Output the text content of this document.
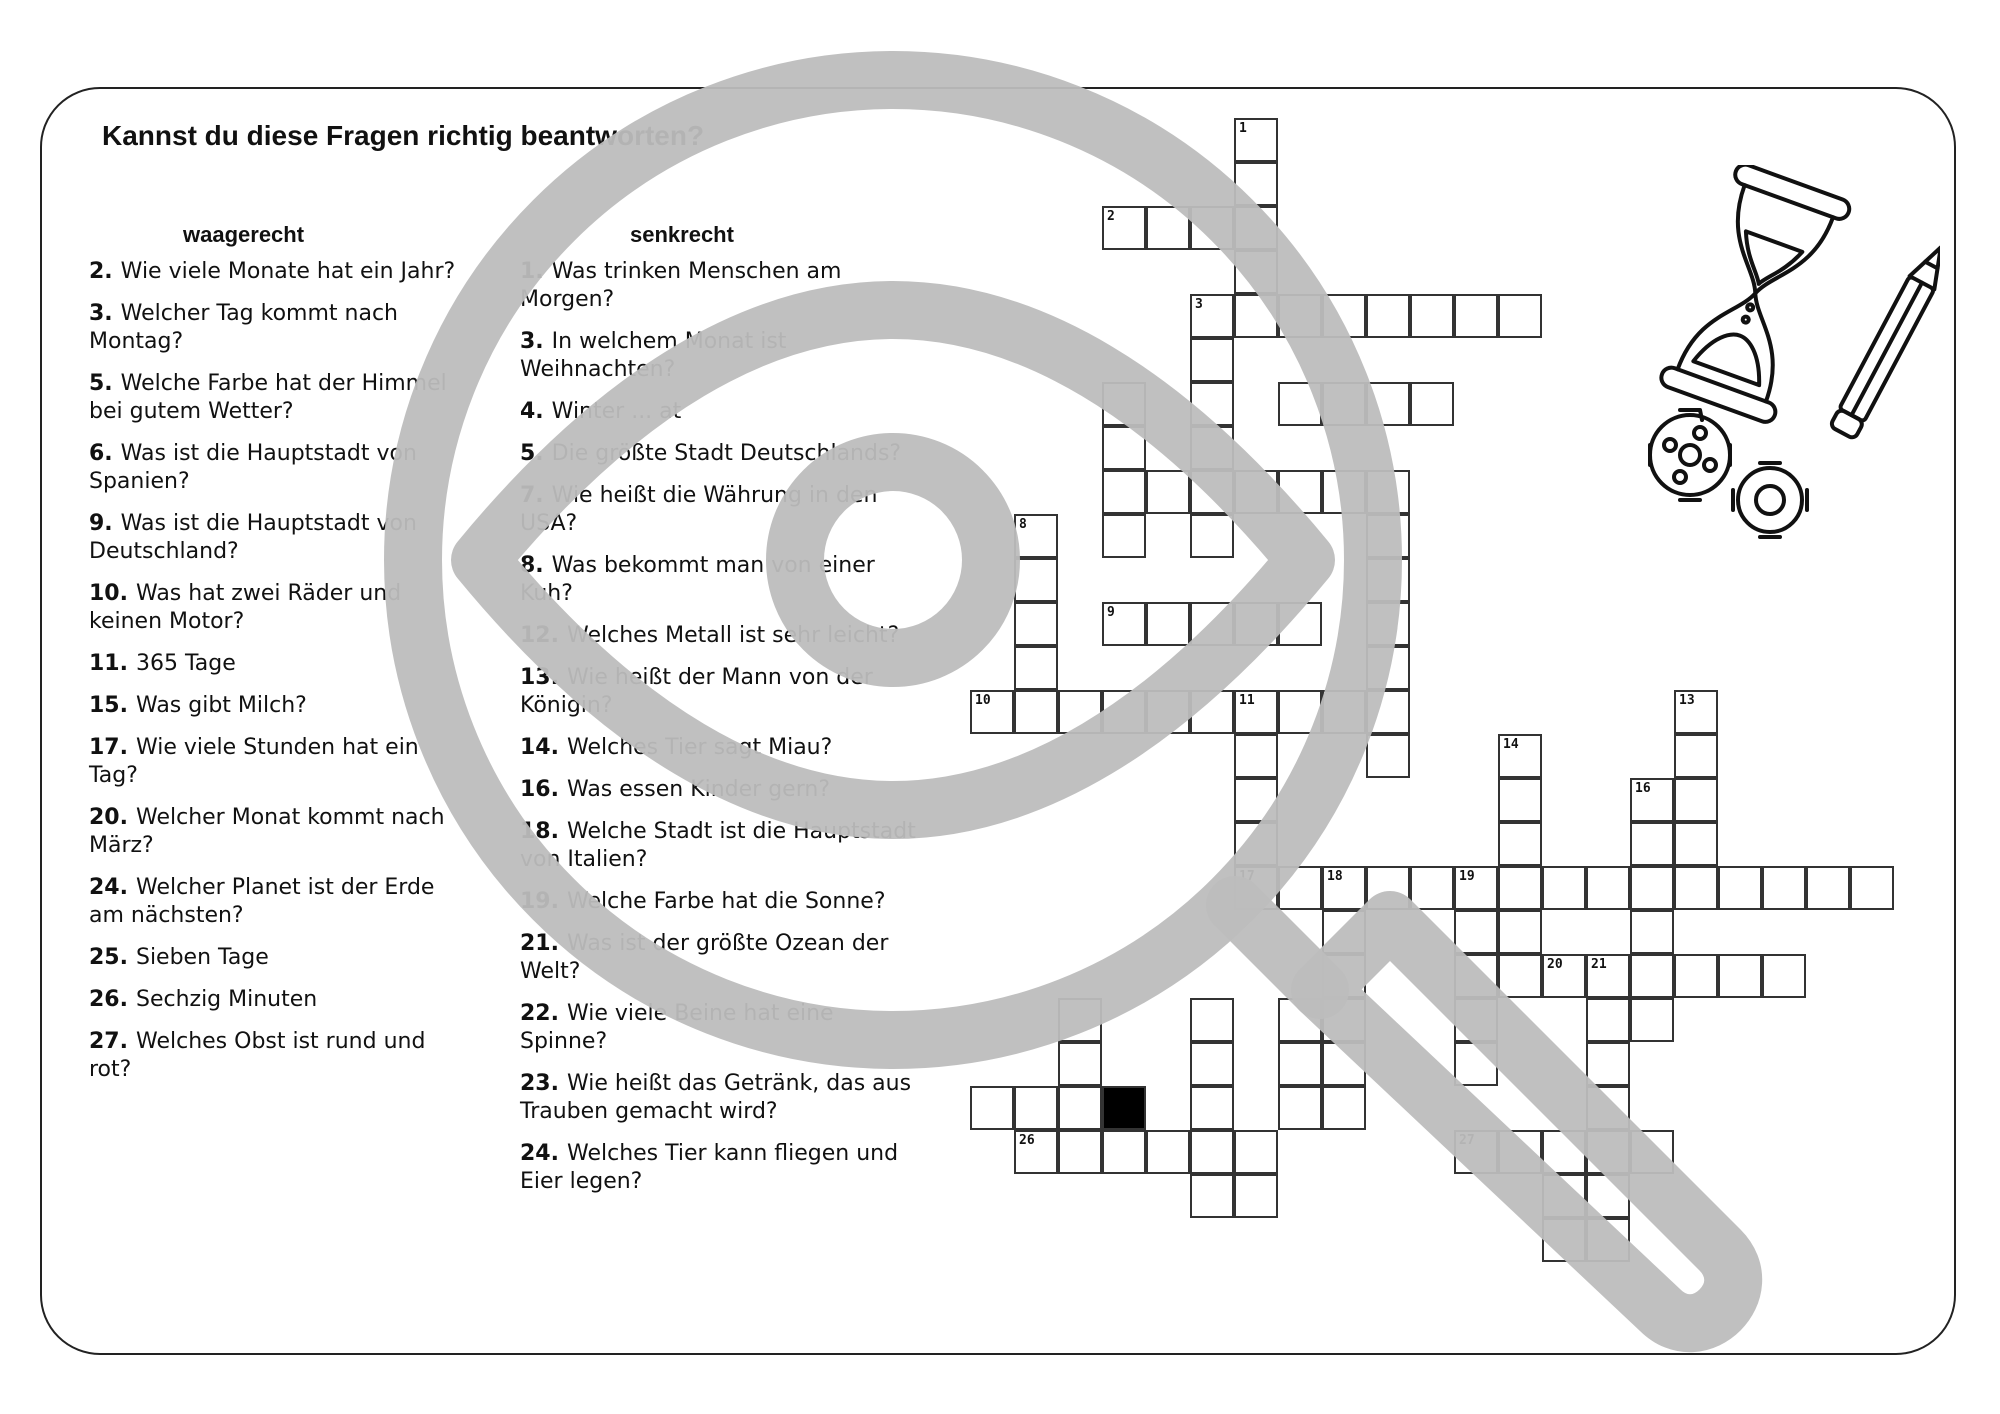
Kannst du diese Fragen richtig beantworten?
waagerecht	senkrecht

2. Wie viele Monate hat ein Jahr?

3. Welcher Tag kommt nach Montag?

5. Welche Farbe hat der Himmel bei gutem Wetter?

6. Was ist die Hauptstadt von Spanien?

9. Was ist die Hauptstadt von Deutschland?

10. Was hat zwei Räder und keinen Motor?

11. 365 Tage

15. Was gibt Milch?

17. Wie viele Stunden hat ein Tag?

20. Welcher Monat kommt nach März?

24. Welcher Planet ist der Erde am nächsten?

25. Sieben Tage

26. Sechzig Minuten

27. Welches Obst ist rund und rot?

1. Was trinken Menschen am Morgen?

3. In welchem Monat ist Weihnachten?

4. Winter ... at

5. Die größte Stadt Deutschlands?

7. Wie heißt die Währung in den USA?

8. Was bekommt man von einer Kuh?

12. Welches Metall ist sehr leicht?

13. Wie heißt der Mann von der Königin?

14. Welches Tier sagt Miau?

16. Was essen Kinder gern?

18. Welche Stadt ist die Hauptstadt von Italien?

19. Welche Farbe hat die Sonne?

21. Was ist der größte Ozean der Welt?

22. Wie viele Beine hat eine Spinne?

23. Wie heißt das Getränk, das aus Trauben gemacht wird?

24. Welches Tier kann fliegen und Eier legen?

1
2
3
8
9
10	11	13
14
16
17	18	19
21
20
26	27
